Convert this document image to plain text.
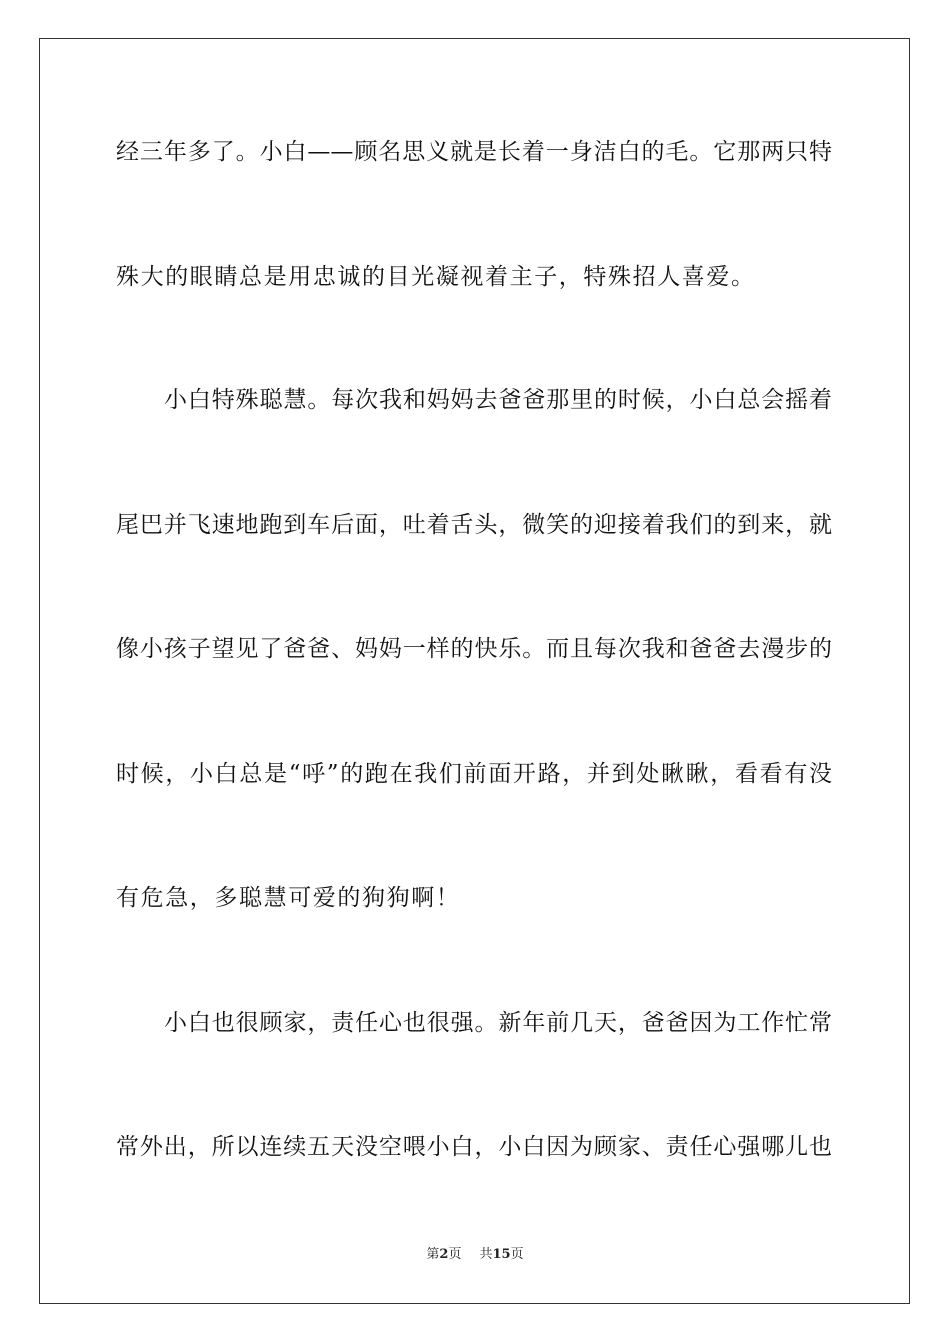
经三年多了。小白——顾名思义就是长着一身洁白的毛。它那两只特
殊大的眼睛总是用忠诚的目光凝视着主子，特殊招人喜爱。
小白特殊聪慧。每次我和妈妈去爸爸那里的时候，小白总会摇着
尾巴并飞速地跑到车后面，吐着舌头，微笑的迎接着我们的到来，就
像小孩子望见了爸爸、妈妈一样的快乐。而且每次我和爸爸去漫步的
时候，小白总是“呼”的跑在我们前面开路，并到处瞅瞅，看看有没
有危急，多聪慧可爱的狗狗啊！
小白也很顾家，责任心也很强。新年前几天，爸爸因为工作忙常
常外出，所以连续五天没空喂小白，小白因为顾家、责任心强哪儿也
第2页 共15页
